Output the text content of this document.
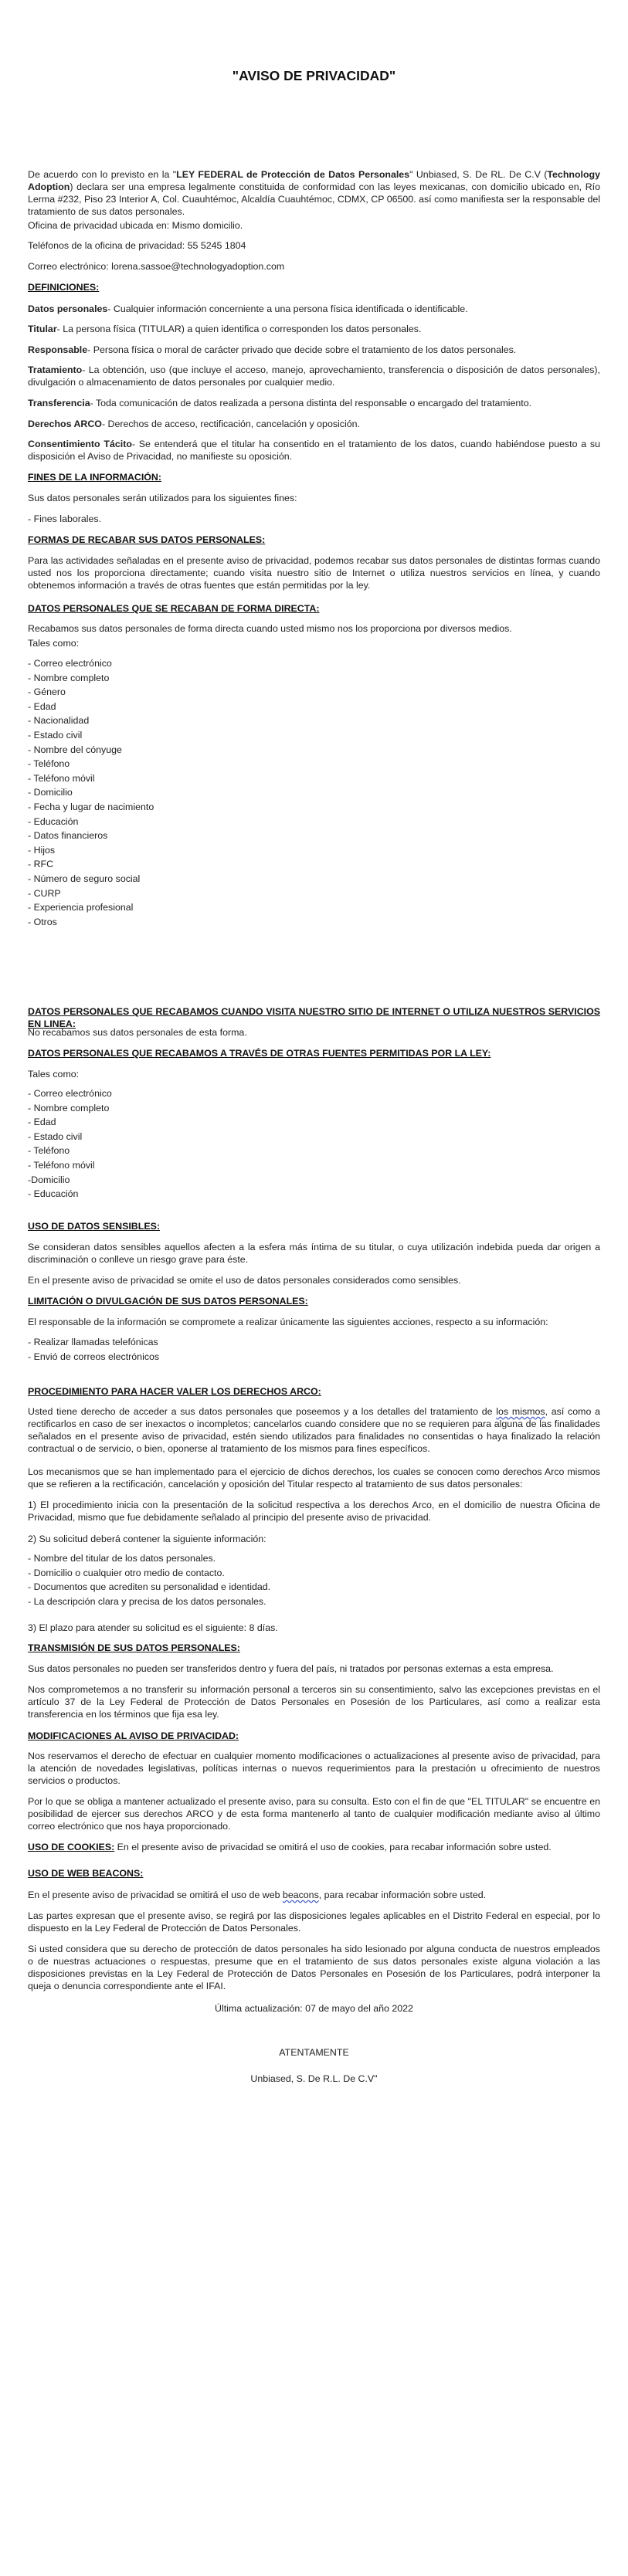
"AVISO DE PRIVACIDAD"

De acuerdo con lo previsto en la "LEY FEDERAL de Protección de Datos Personales" Unbiased, S. De RL. De C.V (Technology Adoption) declara ser una empresa legalmente constituida de conformidad con las leyes mexicanas, con domicilio ubicado en, Río Lerma #232, Piso 23 Interior A, Col. Cuauhtémoc, Alcaldía Cuauhtémoc, CDMX, CP 06500. así como manifiesta ser la responsable del tratamiento de sus datos personales.

Oficina de privacidad ubicada en: Mismo domicilio.

Teléfonos de la oficina de privacidad: 55 5245 1804

Correo electrónico: lorena.sassoe@technologyadoption.com

DEFINICIONES:

Datos personales- Cualquier información concerniente a una persona física identificada o identificable.

Titular- La persona física (TITULAR) a quien identifica o corresponden los datos personales.

Responsable- Persona física o moral de carácter privado que decide sobre el tratamiento de los datos personales.

Tratamiento- La obtención, uso (que incluye el acceso, manejo, aprovechamiento, transferencia o disposición de datos personales), divulgación o almacenamiento de datos personales por cualquier medio.

Transferencia- Toda comunicación de datos realizada a persona distinta del responsable o encargado del tratamiento.

Derechos ARCO- Derechos de acceso, rectificación, cancelación y oposición.

Consentimiento Tácito- Se entenderá que el titular ha consentido en el tratamiento de los datos, cuando habiéndose puesto a su disposición el Aviso de Privacidad, no manifieste su oposición.

FINES DE LA INFORMACIÓN:

Sus datos personales serán utilizados para los siguientes fines:

- Fines laborales.

FORMAS DE RECABAR SUS DATOS PERSONALES:

Para las actividades señaladas en el presente aviso de privacidad, podemos recabar sus datos personales de distintas formas cuando usted nos los proporciona directamente; cuando visita nuestro sitio de Internet o utiliza nuestros servicios en línea, y cuando obtenemos información a través de otras fuentes que están permitidas por la ley.

DATOS PERSONALES QUE SE RECABAN DE FORMA DIRECTA:

Recabamos sus datos personales de forma directa cuando usted mismo nos los proporciona por diversos medios.

Tales como:

- Correo electrónico
- Nombre completo
- Género
- Edad
- Nacionalidad
- Estado civil
- Nombre del cónyuge
- Teléfono
- Teléfono móvil
- Domicilio
- Fecha y lugar de nacimiento
- Educación
- Datos financieros
- Hijos
- RFC
- Número de seguro social
- CURP
- Experiencia profesional
- Otros

DATOS PERSONALES QUE RECABAMOS CUANDO VISITA NUESTRO SITIO DE INTERNET O UTILIZA NUESTROS SERVICIOS EN LINEA:

No recabamos sus datos personales de esta forma.

DATOS PERSONALES QUE RECABAMOS A TRAVÉS DE OTRAS FUENTES PERMITIDAS POR LA LEY:

Tales como:

- Correo electrónico
- Nombre completo
- Edad
- Estado civil
- Teléfono
- Teléfono móvil
-Domicilio
- Educación

USO DE DATOS SENSIBLES:

Se consideran datos sensibles aquellos afecten a la esfera más íntima de su titular, o cuya utilización indebida pueda dar origen a discriminación o conlleve un riesgo grave para éste.

En el presente aviso de privacidad se omite el uso de datos personales considerados como sensibles.

LIMITACIÓN O DIVULGACIÓN DE SUS DATOS PERSONALES:

El responsable de la información se compromete a realizar únicamente las siguientes acciones, respecto a su información:

- Realizar llamadas telefónicas
- Envió de correos electrónicos

PROCEDIMIENTO PARA HACER VALER LOS DERECHOS ARCO:

Usted tiene derecho de acceder a sus datos personales que poseemos y a los detalles del tratamiento de los mismos, así como a rectificarlos en caso de ser inexactos o incompletos; cancelarlos cuando considere que no se requieren para alguna de las finalidades señalados en el presente aviso de privacidad, estén siendo utilizados para finalidades no consentidas o haya finalizado la relación contractual o de servicio, o bien, oponerse al tratamiento de los mismos para fines específicos.

Los mecanismos que se han implementado para el ejercicio de dichos derechos, los cuales se conocen como derechos Arco mismos que se refieren a la rectificación, cancelación y oposición del Titular respecto al tratamiento de sus datos personales:

1) El procedimiento inicia con la presentación de la solicitud respectiva a los derechos Arco, en el domicilio de nuestra Oficina de Privacidad, mismo que fue debidamente señalado al principio del presente aviso de privacidad.

2) Su solicitud deberá contener la siguiente información:

- Nombre del titular de los datos personales.
- Domicilio o cualquier otro medio de contacto.
- Documentos que acrediten su personalidad e identidad.
- La descripción clara y precisa de los datos personales.

3) El plazo para atender su solicitud es el siguiente: 8 días.

TRANSMISIÓN DE SUS DATOS PERSONALES:

Sus datos personales no pueden ser transferidos dentro y fuera del país, ni tratados por personas externas a esta empresa.

Nos comprometemos a no transferir su información personal a terceros sin su consentimiento, salvo las excepciones previstas en el artículo 37 de la Ley Federal de Protección de Datos Personales en Posesión de los Particulares, así como a realizar esta transferencia en los términos que fija esa ley.

MODIFICACIONES AL AVISO DE PRIVACIDAD:

Nos reservamos el derecho de efectuar en cualquier momento modificaciones o actualizaciones al presente aviso de privacidad, para la atención de novedades legislativas, políticas internas o nuevos requerimientos para la prestación u ofrecimiento de nuestros servicios o productos.

Por lo que se obliga a mantener actualizado el presente aviso, para su consulta. Esto con el fin de que "EL TITULAR" se encuentre en posibilidad de ejercer sus derechos ARCO y de esta forma mantenerlo al tanto de cualquier modificación mediante aviso al último correo electrónico que nos haya proporcionado.

USO DE COOKIES: En el presente aviso de privacidad se omitirá el uso de cookies, para recabar información sobre usted.

USO DE WEB BEACONS:

En el presente aviso de privacidad se omitirá el uso de web beacons, para recabar información sobre usted.

Las partes expresan que el presente aviso, se regirá por las disposiciones legales aplicables en el Distrito Federal en especial, por lo dispuesto en la Ley Federal de Protección de Datos Personales.

Si usted considera que su derecho de protección de datos personales ha sido lesionado por alguna conducta de nuestros empleados o de nuestras actuaciones o respuestas, presume que en el tratamiento de sus datos personales existe alguna violación a las disposiciones previstas en la Ley Federal de Protección de Datos Personales en Posesión de los Particulares, podrá interponer la queja o denuncia correspondiente ante el IFAI.

Última actualización: 07 de mayo del año 2022

ATENTAMENTE

Unbiased, S. De R.L. De C.V"
